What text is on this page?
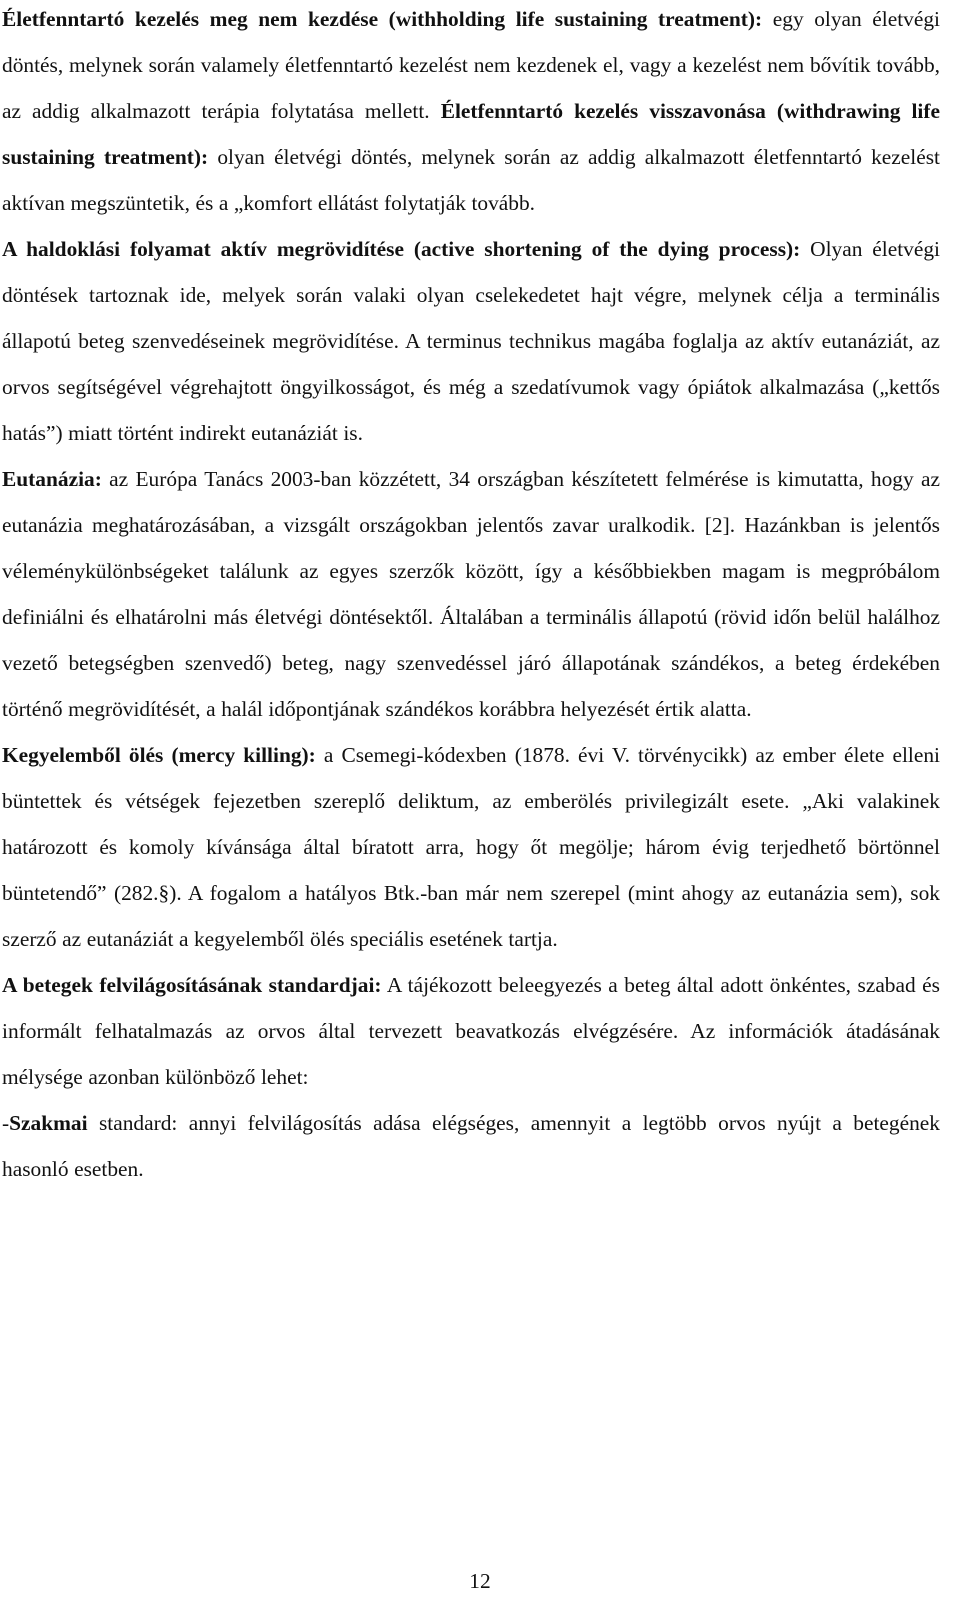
Életfenntartó kezelés meg nem kezdése (withholding life sustaining treatment): egy olyan életvégi döntés, melynek során valamely életfenntartó kezelést nem kezdenek el, vagy a kezelést nem bővítik tovább, az addig alkalmazott terápia folytatása mellett. Életfenntartó kezelés visszavonása (withdrawing life sustaining treatment): olyan életvégi döntés, melynek során az addig alkalmazott életfenntartó kezelést aktívan megszüntetik, és a „komfort ellátást folytatják tovább.

A haldoklási folyamat aktív megrövidítése (active shortening of the dying process): Olyan életvégi döntések tartoznak ide, melyek során valaki olyan cselekedetet hajt végre, melynek célja a terminális állapotú beteg szenvedéseinek megrövidítése. A terminus technikus magába foglalja az aktív eutanáziát, az orvos segítségével végrehajtott öngyilkosságot, és még a szedatívumok vagy ópiátok alkalmazása („kettős hatás”) miatt történt indirekt eutanáziát is.

Eutanázia: az Európa Tanács 2003-ban közzétett, 34 országban készítetett felmérése is kimutatta, hogy az eutanázia meghatározásában, a vizsgált országokban jelentős zavar uralkodik. [2]. Hazánkban is jelentős véleménykülönbségeket találunk az egyes szerzők között, így a későbbiekben magam is megpróbálom definiálni és elhatárolni más életvégi döntésektől. Általában a terminális állapotú (rövid időn belül halálhoz vezető betegségben szenvedő) beteg, nagy szenvedéssel járó állapotának szándékos, a beteg érdekében történő megrövidítését, a halál időpontjának szándékos korábbra helyezését értik alatta.

Kegyelemből ölés (mercy killing): a Csemegi-kódexben (1878. évi V. törvénycikk) az ember élete elleni büntettek és vétségek fejezetben szereplő deliktum, az emberölés privilegizált esete. „Aki valakinek határozott és komoly kívánsága által bíratott arra, hogy őt megölje; három évig terjedhető börtönnel büntetendő” (282.§). A fogalom a hatályos Btk.-ban már nem szerepel (mint ahogy az eutanázia sem), sok szerző az eutanáziát a kegyelemből ölés speciális esetének tartja.

A betegek felvilágosításának standardjai: A tájékozott beleegyezés a beteg által adott önkéntes, szabad és informált felhatalmazás az orvos által tervezett beavatkozás elvégzésére. Az információk átadásának mélysége azonban különböző lehet:

-Szakmai standard: annyi felvilágosítás adása elégséges, amennyit a legtöbb orvos nyújt a betegének hasonló esetben.

12
